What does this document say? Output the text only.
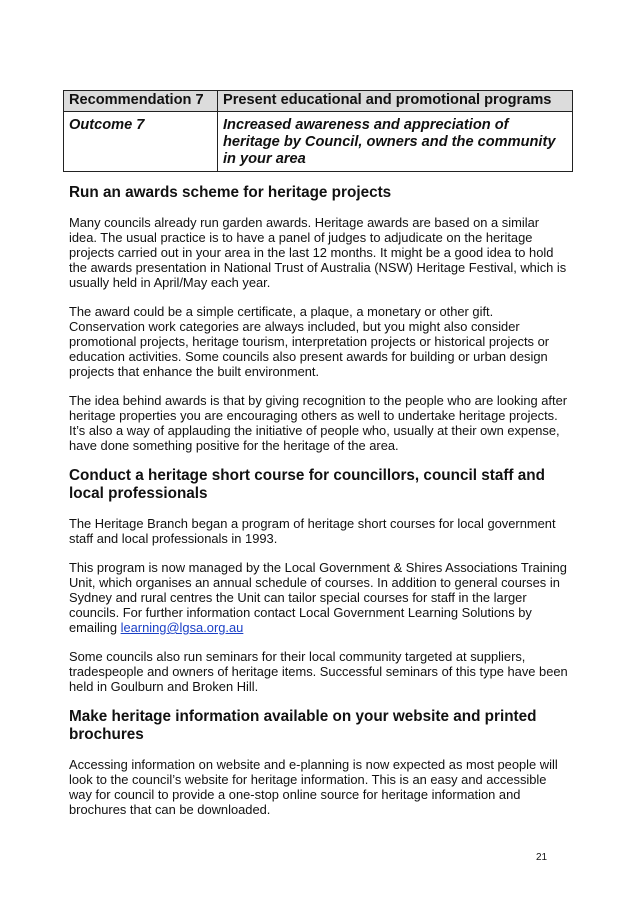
Recommendation 7	Present educational and promotional programs
Outcome 7	Increased awareness and appreciation of heritage by Council, owners and the community in your area
Run an awards scheme for heritage projects

Many councils already run garden awards. Heritage awards are based on a similar idea. The usual practice is to have a panel of judges to adjudicate on the heritage projects carried out in your area in the last 12 months. It might be a good idea to hold the awards presentation in National Trust of Australia (NSW) Heritage Festival, which is usually held in April/May each year.

The award could be a simple certificate, a plaque, a monetary or other gift. Conservation work categories are always included, but you might also consider promotional projects, heritage tourism, interpretation projects or historical projects or education activities. Some councils also present awards for building or urban design projects that enhance the built environment.

The idea behind awards is that by giving recognition to the people who are looking after heritage properties you are encouraging others as well to undertake heritage projects. It’s also a way of applauding the initiative of people who, usually at their own expense, have done something positive for the heritage of the area.

Conduct a heritage short course for councillors, council staff and local professionals

The Heritage Branch began a program of heritage short courses for local government staff and local professionals in 1993.

This program is now managed by the Local Government & Shires Associations Training Unit, which organises an annual schedule of courses. In addition to general courses in Sydney and rural centres the Unit can tailor special courses for staff in the larger councils. For further information contact Local Government Learning Solutions by emailing learning@lgsa.org.au

Some councils also run seminars for their local community targeted at suppliers, tradespeople and owners of heritage items. Successful seminars of this type have been held in Goulburn and Broken Hill.

Make heritage information available on your website and printed brochures

Accessing information on website and e-planning is now expected as most people will look to the council’s website for heritage information. This is an easy and accessible way for council to provide a one-stop online source for heritage information and brochures that can be downloaded.

21
